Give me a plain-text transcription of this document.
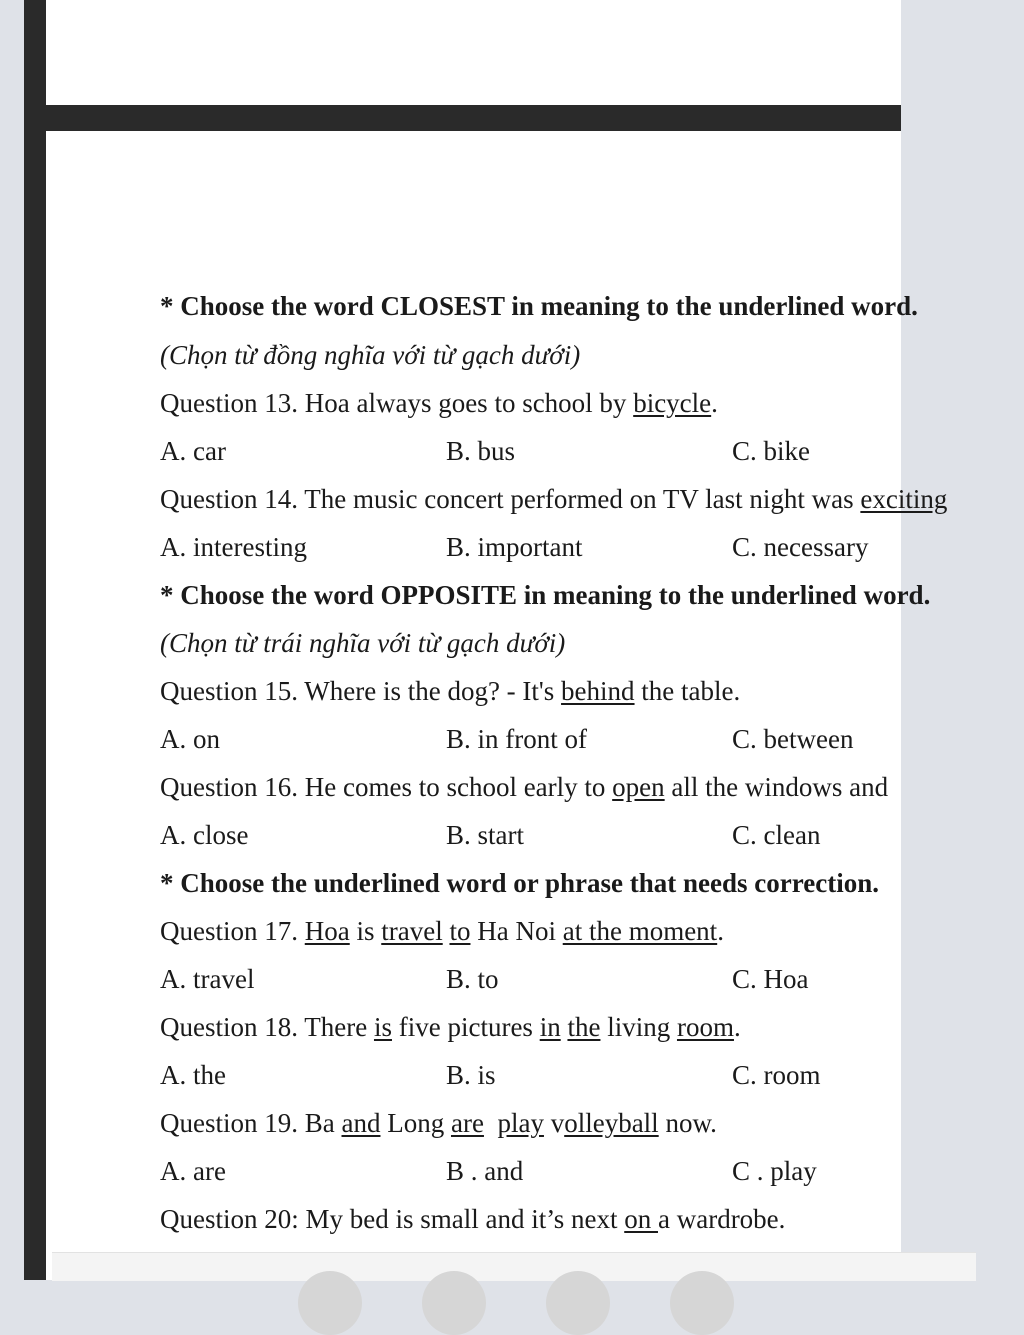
* Choose the word CLOSEST in meaning to the underlined word.
(Chọn từ đồng nghĩa với từ gạch dưới)
Question 13. Hoa always goes to school by bicycle.
A. car	B. bus	C. bike
Question 14. The music concert performed on TV last night was exciting
A. interesting	B. important	C. necessary
* Choose the word OPPOSITE in meaning to the underlined word.
(Chọn từ trái nghĩa với từ gạch dưới)
Question 15. Where is the dog? - It's behind the table.
A. on	B. in front of	C. between
Question 16. He comes to school early to open all the windows and
A. close	B. start	C. clean
* Choose the underlined word or phrase that needs correction.
Question 17. Hoa is travel to Ha Noi at the moment.
A. travel	B. to	C. Hoa
Question 18. There is five pictures in the living room.
A. the	B. is	C. room
Question 19. Ba and Long are play volleyball now.
A. are	B . and	C . play
Question 20: My bed is small and it’s next on a wardrobe.
